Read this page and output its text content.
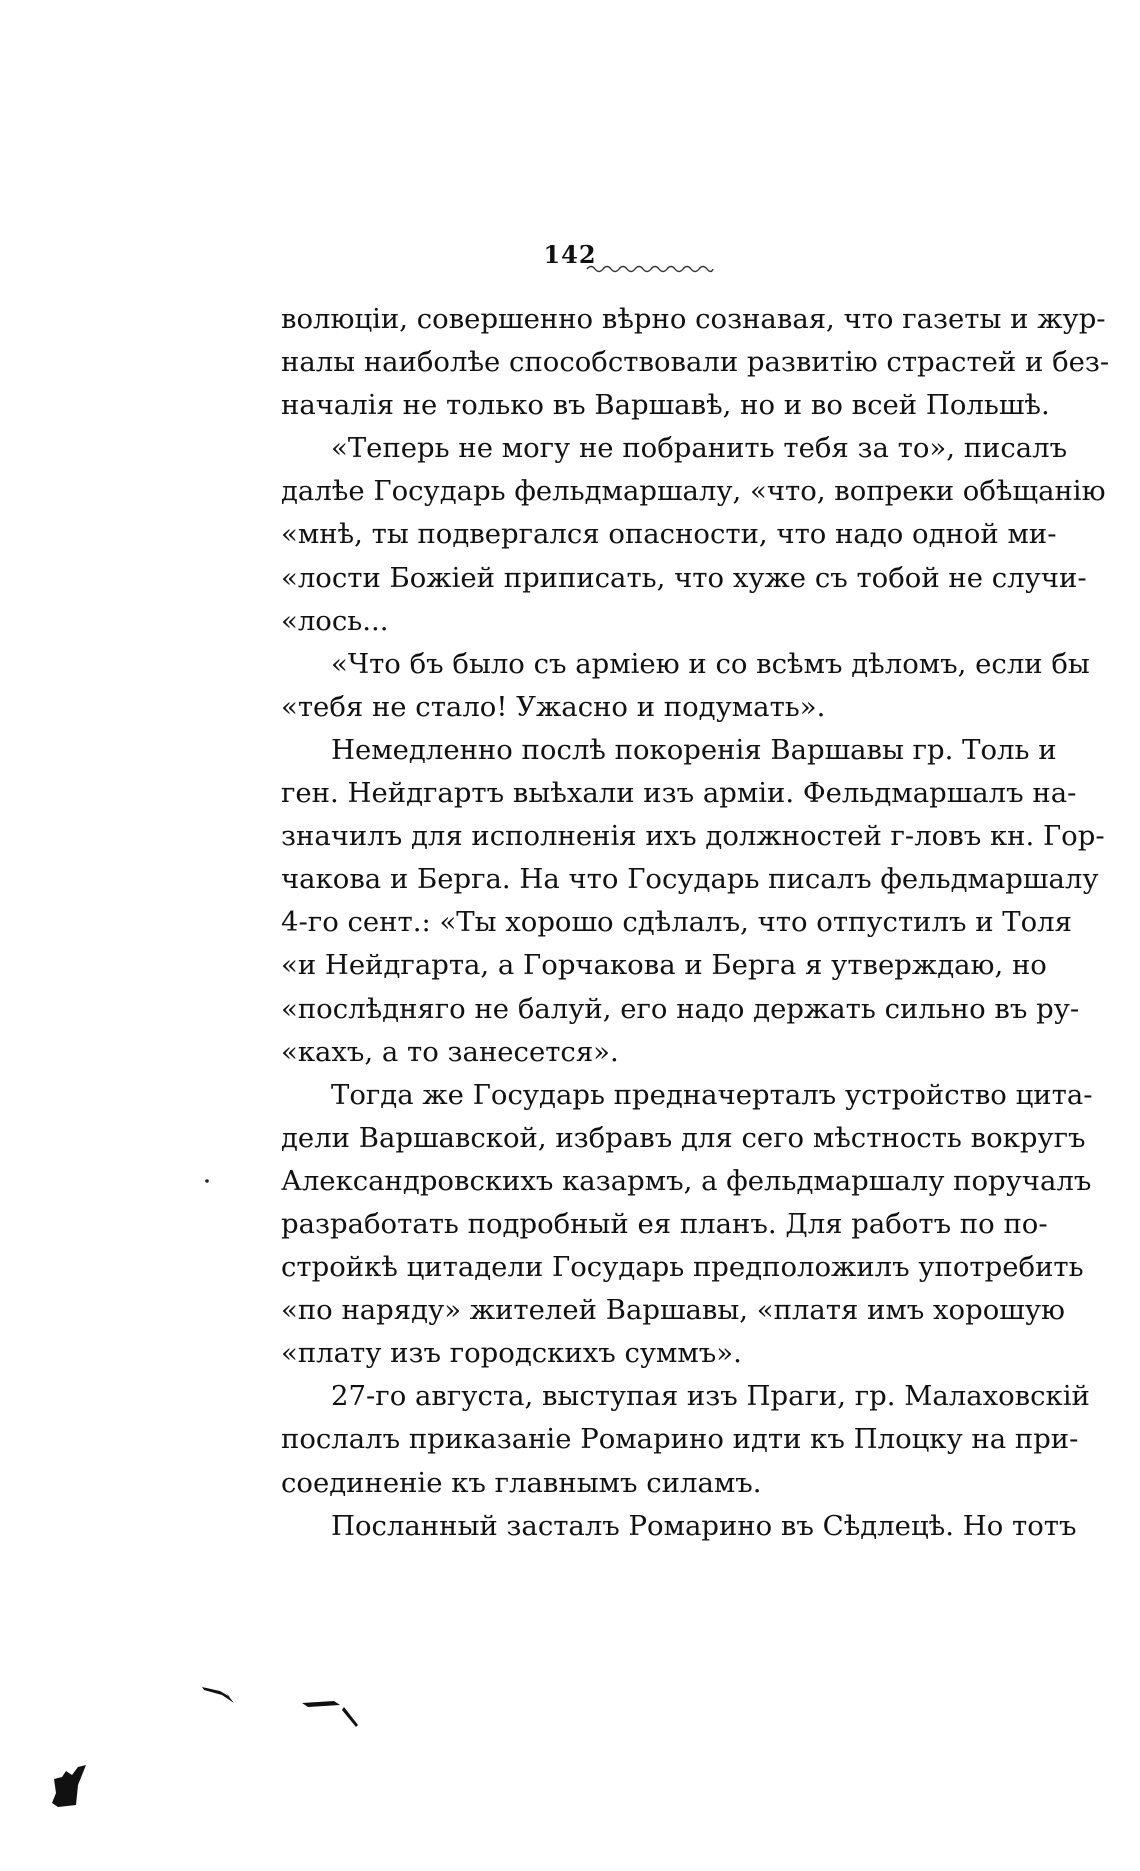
142
волюціи, совершенно вѣрно сознавая, что газеты и жур-
налы наиболѣе способствовали развитію страстей и без-
началія не только въ Варшавѣ, но и во всей Польшѣ.
«Теперь не могу не побранить тебя за то», писалъ
далѣе Государь фельдмаршалу, «что, вопреки обѣщанію
«мнѣ, ты подвергался опасности, что надо одной ми-
«лости Божіей приписать, что хуже съ тобой не случи-
«лось...
«Что бъ было съ арміею и со всѣмъ дѣломъ, если бы
«тебя не стало! Ужасно и подумать».
Немедленно послѣ покоренія Варшавы гр. Толь и
ген. Нейдгартъ выѣхали изъ арміи. Фельдмаршалъ на-
значилъ для исполненія ихъ должностей г-ловъ кн. Гор-
чакова и Берга. На что Государь писалъ фельдмаршалу
4-го сент.: «Ты хорошо сдѣлалъ, что отпустилъ и Толя
«и Нейдгарта, а Горчакова и Берга я утверждаю, но
«послѣдняго не балуй, его надо держать сильно въ ру-
«кахъ, а то занесется».
Тогда же Государь предначерталъ устройство цита-
дели Варшавской, избравъ для сего мѣстность вокругъ
Александровскихъ казармъ, а фельдмаршалу поручалъ
разработать подробный ея планъ. Для работъ по по-
стройкѣ цитадели Государь предположилъ употребить
«по наряду» жителей Варшавы, «платя имъ хорошую
«плату изъ городскихъ суммъ».
27-го августа, выступая изъ Праги, гр. Малаховскій
послалъ приказаніе Ромарино идти къ Плоцку на при-
соединеніе къ главнымъ силамъ.
Посланный засталъ Ромарино въ Сѣдлецѣ. Но тотъ
